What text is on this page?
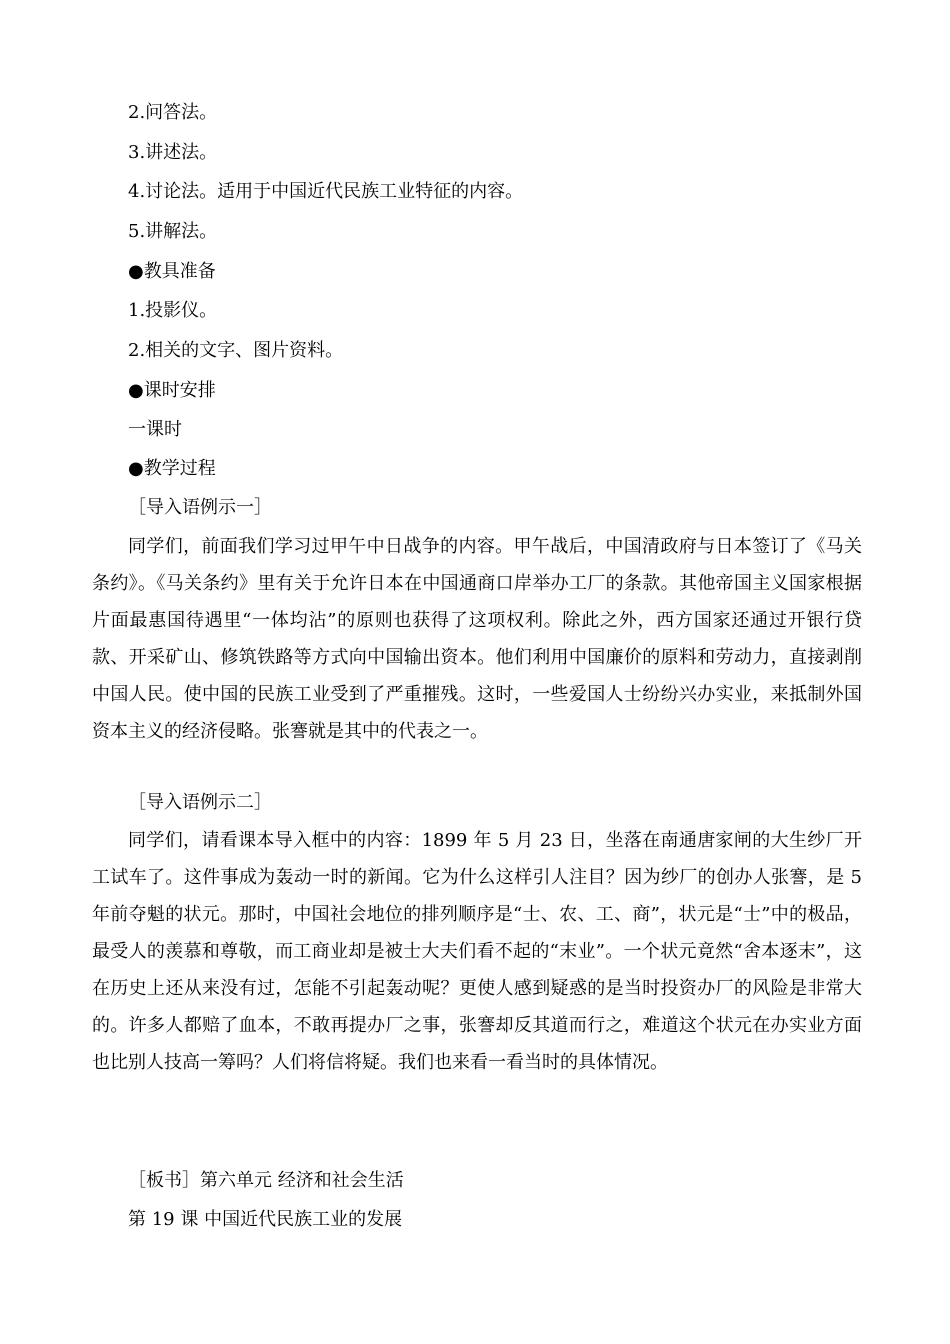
2.问答法。

3.讲述法。

4.讨论法。适用于中国近代民族工业特征的内容。

5.讲解法。

●教具准备

1.投影仪。

2.相关的文字、图片资料。

●课时安排

一课时

●教学过程

［导入语例示一］

同学们，前面我们学习过甲午中日战争的内容。甲午战后，中国清政府与日本签订了《马关条约》。《马关条约》里有关于允许日本在中国通商口岸举办工厂的条款。其他帝国主义国家根据片面最惠国待遇里“一体均沾”的原则也获得了这项权利。除此之外，西方国家还通过开银行贷款、开采矿山、修筑铁路等方式向中国输出资本。他们利用中国廉价的原料和劳动力，直接剥削中国人民。使中国的民族工业受到了严重摧残。这时，一些爱国人士纷纷兴办实业，来抵制外国资本主义的经济侵略。张謇就是其中的代表之一。

［导入语例示二］

同学们，请看课本导入框中的内容：1899 年 5 月 23 日，坐落在南通唐家闸的大生纱厂开工试车了。这件事成为轰动一时的新闻。它为什么这样引人注目？因为纱厂的创办人张謇，是 5 年前夺魁的状元。那时，中国社会地位的排列顺序是“士、农、工、商”，状元是“士”中的极品，最受人的羡慕和尊敬，而工商业却是被士大夫们看不起的“末业”。一个状元竟然“舍本逐末”，这在历史上还从来没有过，怎能不引起轰动呢？更使人感到疑惑的是当时投资办厂的风险是非常大的。许多人都赔了血本，不敢再提办厂之事，张謇却反其道而行之，难道这个状元在办实业方面也比别人技高一筹吗？人们将信将疑。我们也来看一看当时的具体情况。

［板书］第六单元 经济和社会生活

第 19 课 中国近代民族工业的发展
